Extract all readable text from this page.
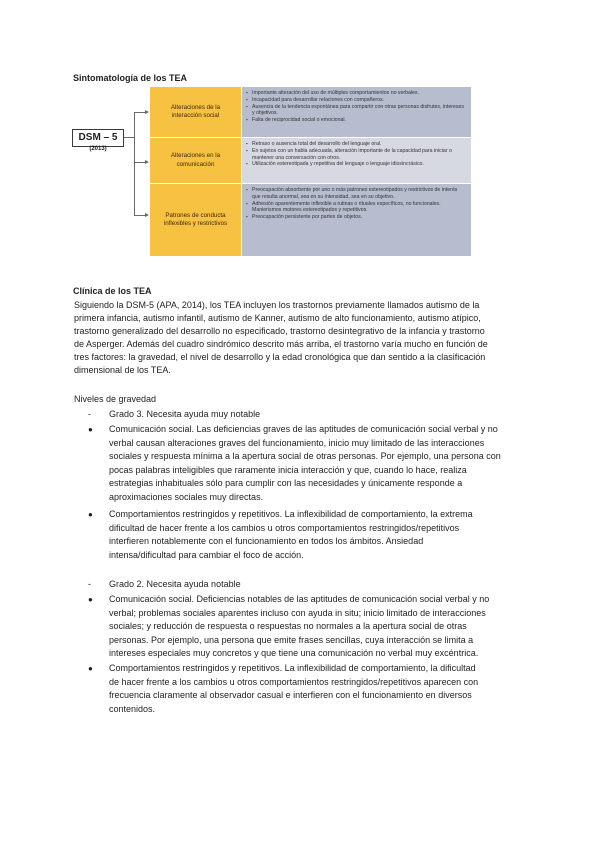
Sintomatología de los TEA
DSM – 5
(2013)
Alteraciones de la interacción social
▪ Importante alteración del uso de múltiples comportamientos no verbales.
▪ Incapacidad para desarrollar relaciones con compañeros.
▪ Ausencia de la tendencia espontánea para compartir con otras personas disfrutes, intereses y objetivos.
▪ Falta de reciprocidad social o emocional.
Alteraciones en la comunicación
▪ Retraso o ausencia total del desarrollo del lenguaje oral.
▪ En sujetos con un habla adecuada, alteración importante de la capacidad para iniciar o mantener una conversación con otros.
▪ Utilización estereotipada y repetitiva del lenguaje o lenguaje idiosincrásico.
Patrones de conducta inflexibles y restrictivos
▪ Preocupación absorbente por uno o más patrones estereotipados y restrictivos de interés que resulta anormal, sea en su intensidad, sea en su objetivo.
▪ Adhesión aparentemente inflexible a rutinas o rituales específicos, no funcionales. Manierismos motores estereotipados y repetitivos.
▪ Preocupación persistente por partes de objetos.
Clínica de los TEA
Siguiendo la DSM-5 (APA, 2014), los TEA incluyen los trastornos previamente llamados autismo de la
primera infancia, autismo infantil, autismo de Kanner, autismo de alto funcionamiento, autismo atípico,
trastorno generalizado del desarrollo no especificado, trastorno desintegrativo de la infancia y trastorno
de Asperger. Además del cuadro sindrómico descrito más arriba, el trastorno varía mucho en función de
tres factores: la gravedad, el nivel de desarrollo y la edad cronológica que dan sentido a la clasificación
dimensional de los TEA.
Niveles de gravedad
- Grado 3. Necesita ayuda muy notable
● Comunicación social. Las deficiencias graves de las aptitudes de comunicación social verbal y no
verbal causan alteraciones graves del funcionamiento, inicio muy limitado de las interacciones
sociales y respuesta mínima a la apertura social de otras personas. Por ejemplo, una persona con
pocas palabras inteligibles que raramente inicia interacción y que, cuando lo hace, realiza
estrategias inhabituales sólo para cumplir con las necesidades y únicamente responde a
aproximaciones sociales muy directas.
● Comportamientos restringidos y repetitivos. La inflexibilidad de comportamiento, la extrema
dificultad de hacer frente a los cambios u otros comportamientos restringidos/repetitivos
interfieren notablemente con el funcionamiento en todos los ámbitos. Ansiedad
intensa/dificultad para cambiar el foco de acción.
- Grado 2. Necesita ayuda notable
● Comunicación social. Deficiencias notables de las aptitudes de comunicación social verbal y no
verbal; problemas sociales aparentes incluso con ayuda in situ; inicio limitado de interacciones
sociales; y reducción de respuesta o respuestas no normales a la apertura social de otras
personas. Por ejemplo, una persona que emite frases sencillas, cuya interacción se limita a
intereses especiales muy concretos y que tiene una comunicación no verbal muy excéntrica.
● Comportamientos restringidos y repetitivos. La inflexibilidad de comportamiento, la dificultad
de hacer frente a los cambios u otros comportamientos restringidos/repetitivos aparecen con
frecuencia claramente al observador casual e interfieren con el funcionamiento en diversos
contenidos.
